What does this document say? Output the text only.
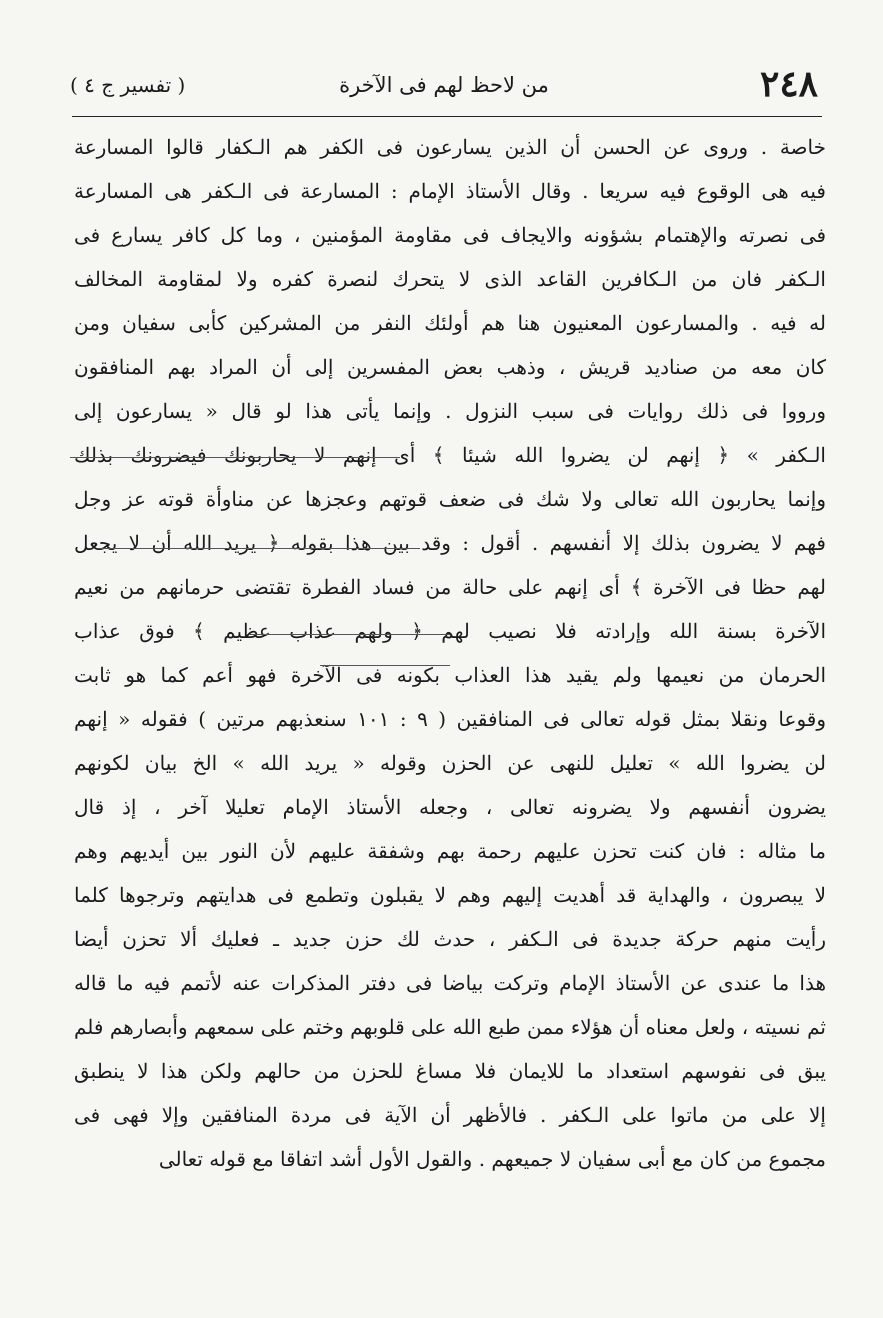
٢٤٨
من لاحظ لهم فى الآخرة
( تفسير ج ٤ )
خاصة . وروى عن الحسن أن الذين يسارعون فى الكفر هم الـكفار قالوا المسارعة
فيه هى الوقوع فيه سريعا . وقال الأستاذ الإمام : المسارعة فى الـكفر هى المسارعة
فى نصرته والإهتمام بشؤونه والايجاف فى مقاومة المؤمنين ، وما كل كافر يسارع فى
الـكفر فان من الـكافرين القاعد الذى لا يتحرك لنصرة كفره ولا لمقاومة المخالف
له فيه . والمسارعون المعنيون هنا هم أولئك النفر من المشركين كأبى سفيان ومن
كان معه من صناديد قريش ، وذهب بعض المفسرين إلى أن المراد بهم المنافقون
ورووا فى ذلك روايات فى سبب النزول . وإنما يأتى هذا لو قال « يسارعون إلى
الـكفر » ﴿ إنهم لن يضروا الله شيئا ﴾ أى إنهم لا يحاربونك فيضرونك بذلك
وإنما يحاربون الله تعالى ولا شك فى ضعف قوتهم وعجزها عن مناوأة قوته عز وجل
فهم لا يضرون بذلك إلا أنفسهم . أقول : وقد بين هذا بقوله ﴿ يريد الله أن لا يجعل
لهم حظا فى الآخرة ﴾ أى إنهم على حالة من فساد الفطرة تقتضى حرمانهم من نعيم
الآخرة بسنة الله وإرادته فلا نصيب لهم ﴿ ولهم عذاب عظيم ﴾ فوق عذاب
الحرمان من نعيمها ولم يقيد هذا العذاب بكونه فى الآخرة فهو أعم كما هو ثابت
وقوعا ونقلا بمثل قوله تعالى فى المنافقين ( ٩ : ١٠١ سنعذبهم مرتين ) فقوله « إنهم
لن يضروا الله » تعليل للنهى عن الحزن وقوله « يريد الله » الخ بيان لكونهم
يضرون أنفسهم ولا يضرونه تعالى ، وجعله الأستاذ الإمام تعليلا آخر ، إذ قال
ما مثاله : فان كنت تحزن عليهم رحمة بهم وشفقة عليهم لأن النور بين أيديهم وهم
لا يبصرون ، والهداية قد أهديت إليهم وهم لا يقبلون وتطمع فى هدايتهم وترجوها كلما
رأيت منهم حركة جديدة فى الـكفر ، حدث لك حزن جديد ـ فعليك ألا تحزن أيضا
هذا ما عندى عن الأستاذ الإمام وتركت بياضا فى دفتر المذكرات عنه لأتمم فيه ما قاله
ثم نسيته ، ولعل معناه أن هؤلاء ممن طبع الله على قلوبهم وختم على سمعهم وأبصارهم فلم
يبق فى نفوسهم استعداد ما للايمان فلا مساغ للحزن من حالهم ولكن هذا لا ينطبق
إلا على من ماتوا على الـكفر . فالأظهر أن الآية فى مردة المنافقين وإلا فهى فى
مجموع من كان مع أبى سفيان لا جميعهم . والقول الأول أشد اتفاقا مع قوله تعالى
